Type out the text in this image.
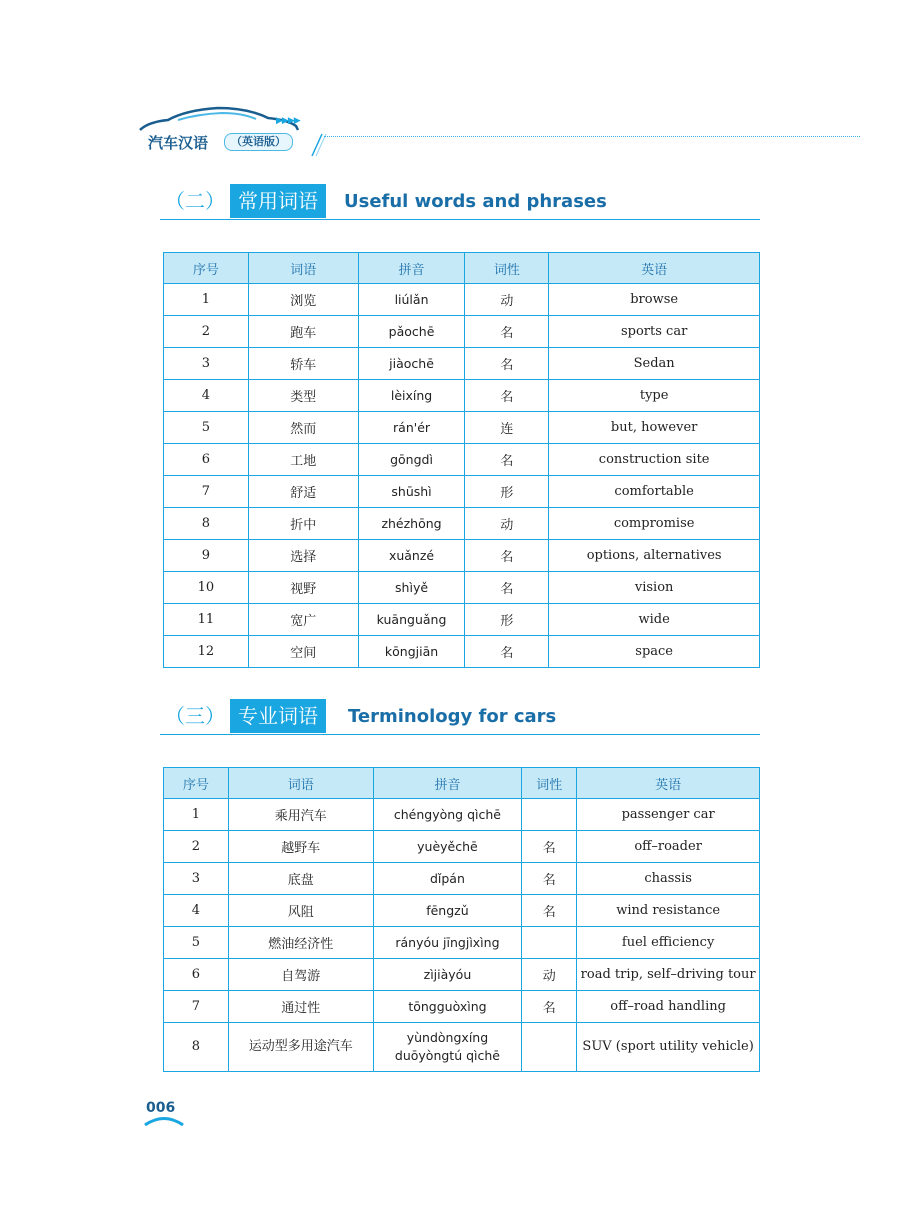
汽车汉语	（英语版）
▶▶▶▶
（二） 常用词语	Useful words and phrases
序号	词语	拼音	词性	英语
1	浏览	liúlǎn	动	browse
2	跑车	pǎochē	名	sports car
3	轿车	jiàochē	名	Sedan
4	类型	lèixíng	名	type
5	然而	rán'ér	连	but, however
6	工地	gōngdì	名	construction site
7	舒适	shūshì	形	comfortable
8	折中	zhézhōng	动	compromise
9	选择	xuǎnzé	名	options, alternatives
10	视野	shìyě	名	vision
11	宽广	kuānguǎng	形	wide
12	空间	kōngjiān	名	space
（三） 专业词语	Terminology for cars
序号	词语	拼音	词性	英语
1	乘用汽车	chéngyòng qìchē		passenger car
2	越野车	yuèyěchē	名	off–roader
3	底盘	dǐpán	名	chassis
4	风阻	fēngzǔ	名	wind resistance
5	燃油经济性	rányóu jīngjìxìng		fuel efficiency
6	自驾游	zìjiàyóu	动	road trip, self–driving tour
7	通过性	tōngguòxìng	名	off–road handling
8	运动型多用途汽车	yùndòngxíng duōyòngtú qìchē		SUV (sport utility vehicle)
006
